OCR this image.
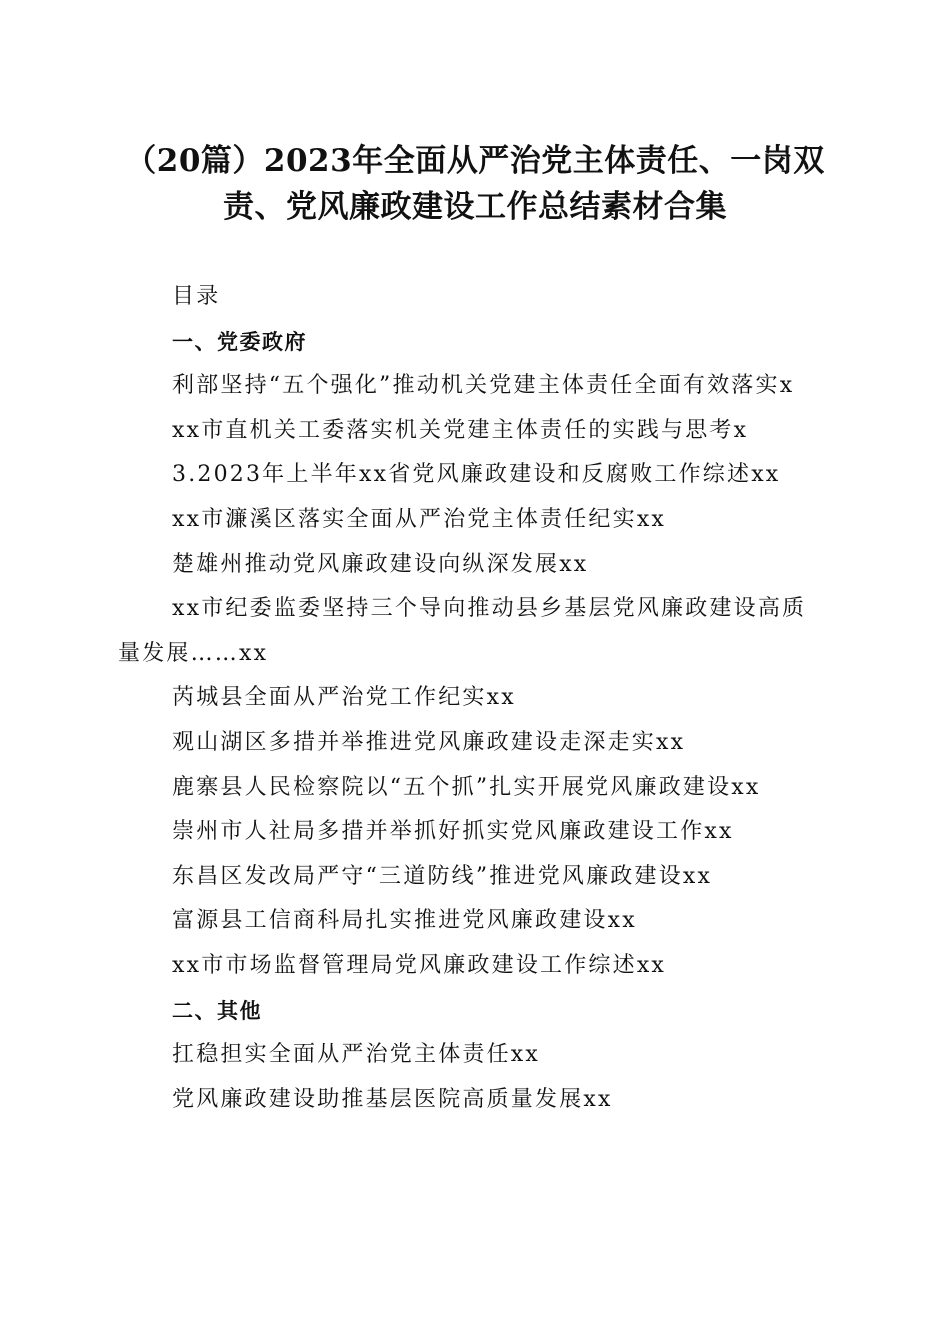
（20篇）2023年全面从严治党主体责任、一岗双责、党风廉政建设工作总结素材合集
目录
一、党委政府
利部坚持“五个强化”推动机关党建主体责任全面有效落实x
xx市直机关工委落实机关党建主体责任的实践与思考x
3.2023年上半年xx省党风廉政建设和反腐败工作综述xx
xx市濂溪区落实全面从严治党主体责任纪实xx
楚雄州推动党风廉政建设向纵深发展xx
xx市纪委监委坚持三个导向推动县乡基层党风廉政建设高质量发展……xx
芮城县全面从严治党工作纪实xx
观山湖区多措并举推进党风廉政建设走深走实xx
鹿寨县人民检察院以“五个抓”扎实开展党风廉政建设xx
崇州市人社局多措并举抓好抓实党风廉政建设工作xx
东昌区发改局严守“三道防线”推进党风廉政建设xx
富源县工信商科局扎实推进党风廉政建设xx
xx市市场监督管理局党风廉政建设工作综述xx
二、其他
扛稳担实全面从严治党主体责任xx
党风廉政建设助推基层医院高质量发展xx
